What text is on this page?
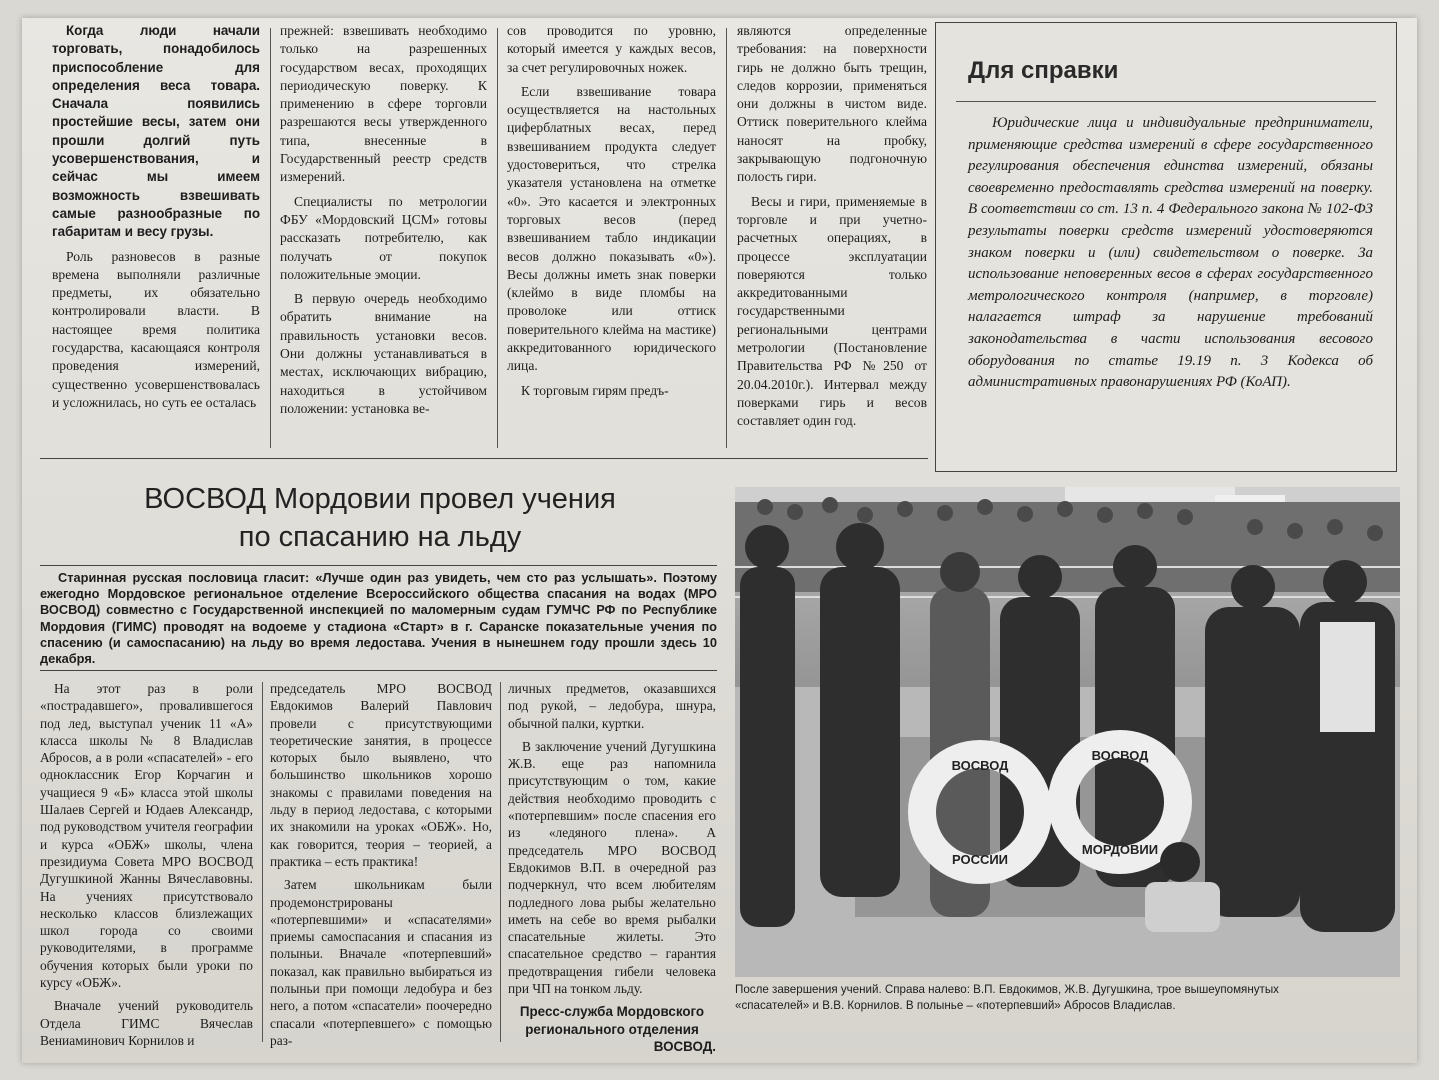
Когда люди начали торговать, понадобилось приспособление для определения веса товара. Сначала появились простейшие весы, затем они прошли долгий путь усовершенствования, и сейчас мы имеем возможность взвешивать самые разнообразные по габаритам и весу грузы.

Роль разновесов в разные времена выполняли различные предметы, их обязательно контролировали власти. В настоящее время политика государства, касающаяся контроля проведения измерений, существенно усовершенствовалась и усложнилась, но суть ее осталась

прежней: взвешивать необходимо только на разрешенных государством весах, проходящих периодическую поверку. К применению в сфере торговли разрешаются весы утвержденного типа, внесенные в Государственный реестр средств измерений.

Специалисты по метрологии ФБУ «Мордовский ЦСМ» готовы рассказать потребителю, как получать от покупок положительные эмоции.

В первую очередь необходимо обратить внимание на правильность установки весов. Они должны устанавливаться в местах, исключающих вибрацию, находиться в устойчивом положении: установка ве-

сов проводится по уровню, который имеется у каждых весов, за счет регулировочных ножек.

Если взвешивание товара осуществляется на настольных циферблатных весах, перед взвешиванием продукта следует удостовериться, что стрелка указателя установлена на отметке «0». Это касается и электронных торговых весов (перед взвешиванием табло индикации весов должно показывать «0»). Весы должны иметь знак поверки (клеймо в виде пломбы на проволоке или оттиск поверительного клейма на мастике) аккредитованного юридического лица.

К торговым гирям предъ-

являются определенные требования: на поверхности гирь не должно быть трещин, следов коррозии, применяться они должны в чистом виде. Оттиск поверительного клейма наносят на пробку, закрывающую подгоночную полость гири.

Весы и гири, применяемые в торговле и при учетно-расчетных операциях, в процессе эксплуатации поверяются только аккредитованными государственными региональными центрами метрологии (Постановление Правительства РФ №250 от 20.04.2010г.). Интервал между поверками гирь и весов составляет один год.

Для справки
Юридические лица и индивидуальные предприниматели, применяющие средства измерений в сфере государственного регулирования обеспечения единства измерений, обязаны своевременно предоставлять средства измерений на поверку. В соответствии со ст. 13 п. 4 Федерального закона № 102-ФЗ результаты поверки средств измерений удостоверяются знаком поверки и (или) свидетельством о поверке. За использование неповеренных весов в сферах государственного метрологического контроля (например, в торговле) налагается штраф за нарушение требований законодательства в части использования весового оборудования по статье 19.19 п. 3 Кодекса об административных правонарушениях РФ (КоАП).
ВОСВОД Мордовии провел учения
по спасанию на льду
Старинная русская пословица гласит: «Лучше один раз увидеть, чем сто раз услышать». Поэтому ежегодно Мордовское региональное отделение Всероссийского общества спасания на водах (МРО ВОСВОД) совместно с Государственной инспекцией по маломерным судам ГУМЧС РФ по Республике Мордовия (ГИМС) проводят на водоеме у стадиона «Старт» в г. Саранске показательные учения по спасению (и самоспасанию) на льду во время ледостава. Учения в нынешнем году прошли здесь 10 декабря.

На этот раз в роли «пострадавшего», провалившегося под лед, выступал ученик 11 «А» класса школы № 8 Владислав Абросов, а в роли «спасателей» - его одноклассник Егор Корчагин и учащиеся 9 «Б» класса этой школы Шалаев Сергей и Юдаев Александр, под руководством учителя географии и курса «ОБЖ» школы, члена президиума Совета МРО ВОСВОД Дугушкиной Жанны Вячеславовны. На учениях присутствовало несколько классов близлежащих школ города со своими руководителями, в программе обучения которых были уроки по курсу «ОБЖ».

Вначале учений руководитель Отдела ГИМС Вячеслав Вениаминович Корнилов и

председатель МРО ВОСВОД Евдокимов Валерий Павлович провели с присутствующими теоретические занятия, в процессе которых было выявлено, что большинство школьников хорошо знакомы с правилами поведения на льду в период ледостава, с которыми их знакомили на уроках «ОБЖ». Но, как говорится, теория – теорией, а практика – есть практика!

Затем школьникам были продемонстрированы «потерпевшими» и «спасателями» приемы самоспасания и спасания из полыньи. Вначале «потерпевший» показал, как правильно выбираться из полыньи при помощи ледобура и без него, а потом «спасатели» поочередно спасали «потерпевшего» с помощью раз-

личных предметов, оказавшихся под рукой, – ледобура, шнура, обычной палки, куртки.

В заключение учений Дугушкина Ж.В. еще раз напомнила присутствующим о том, какие действия необходимо проводить с «потерпевшим» после спасения его из «ледяного плена». А председатель МРО ВОСВОД Евдокимов В.П. в очередной раз подчеркнул, что всем любителям подледного лова рыбы желательно иметь на себе во время рыбалки спасательные жилеты. Это спасательное средство – гарантия предотвращения гибели человека при ЧП на тонком льду.

Пресс-служба Мордовского

регионального отделения

ВОСВОД.

ВОСВОД
РОССИИ
ВОСВОД
МОРДОВИИ
После завершения учений. Справа налево: В.П. Евдокимов, Ж.В. Дугушкина, трое вышеупомянутых
«спасателей» и В.В. Корнилов. В полынье – «потерпевший» Абросов Владислав.
